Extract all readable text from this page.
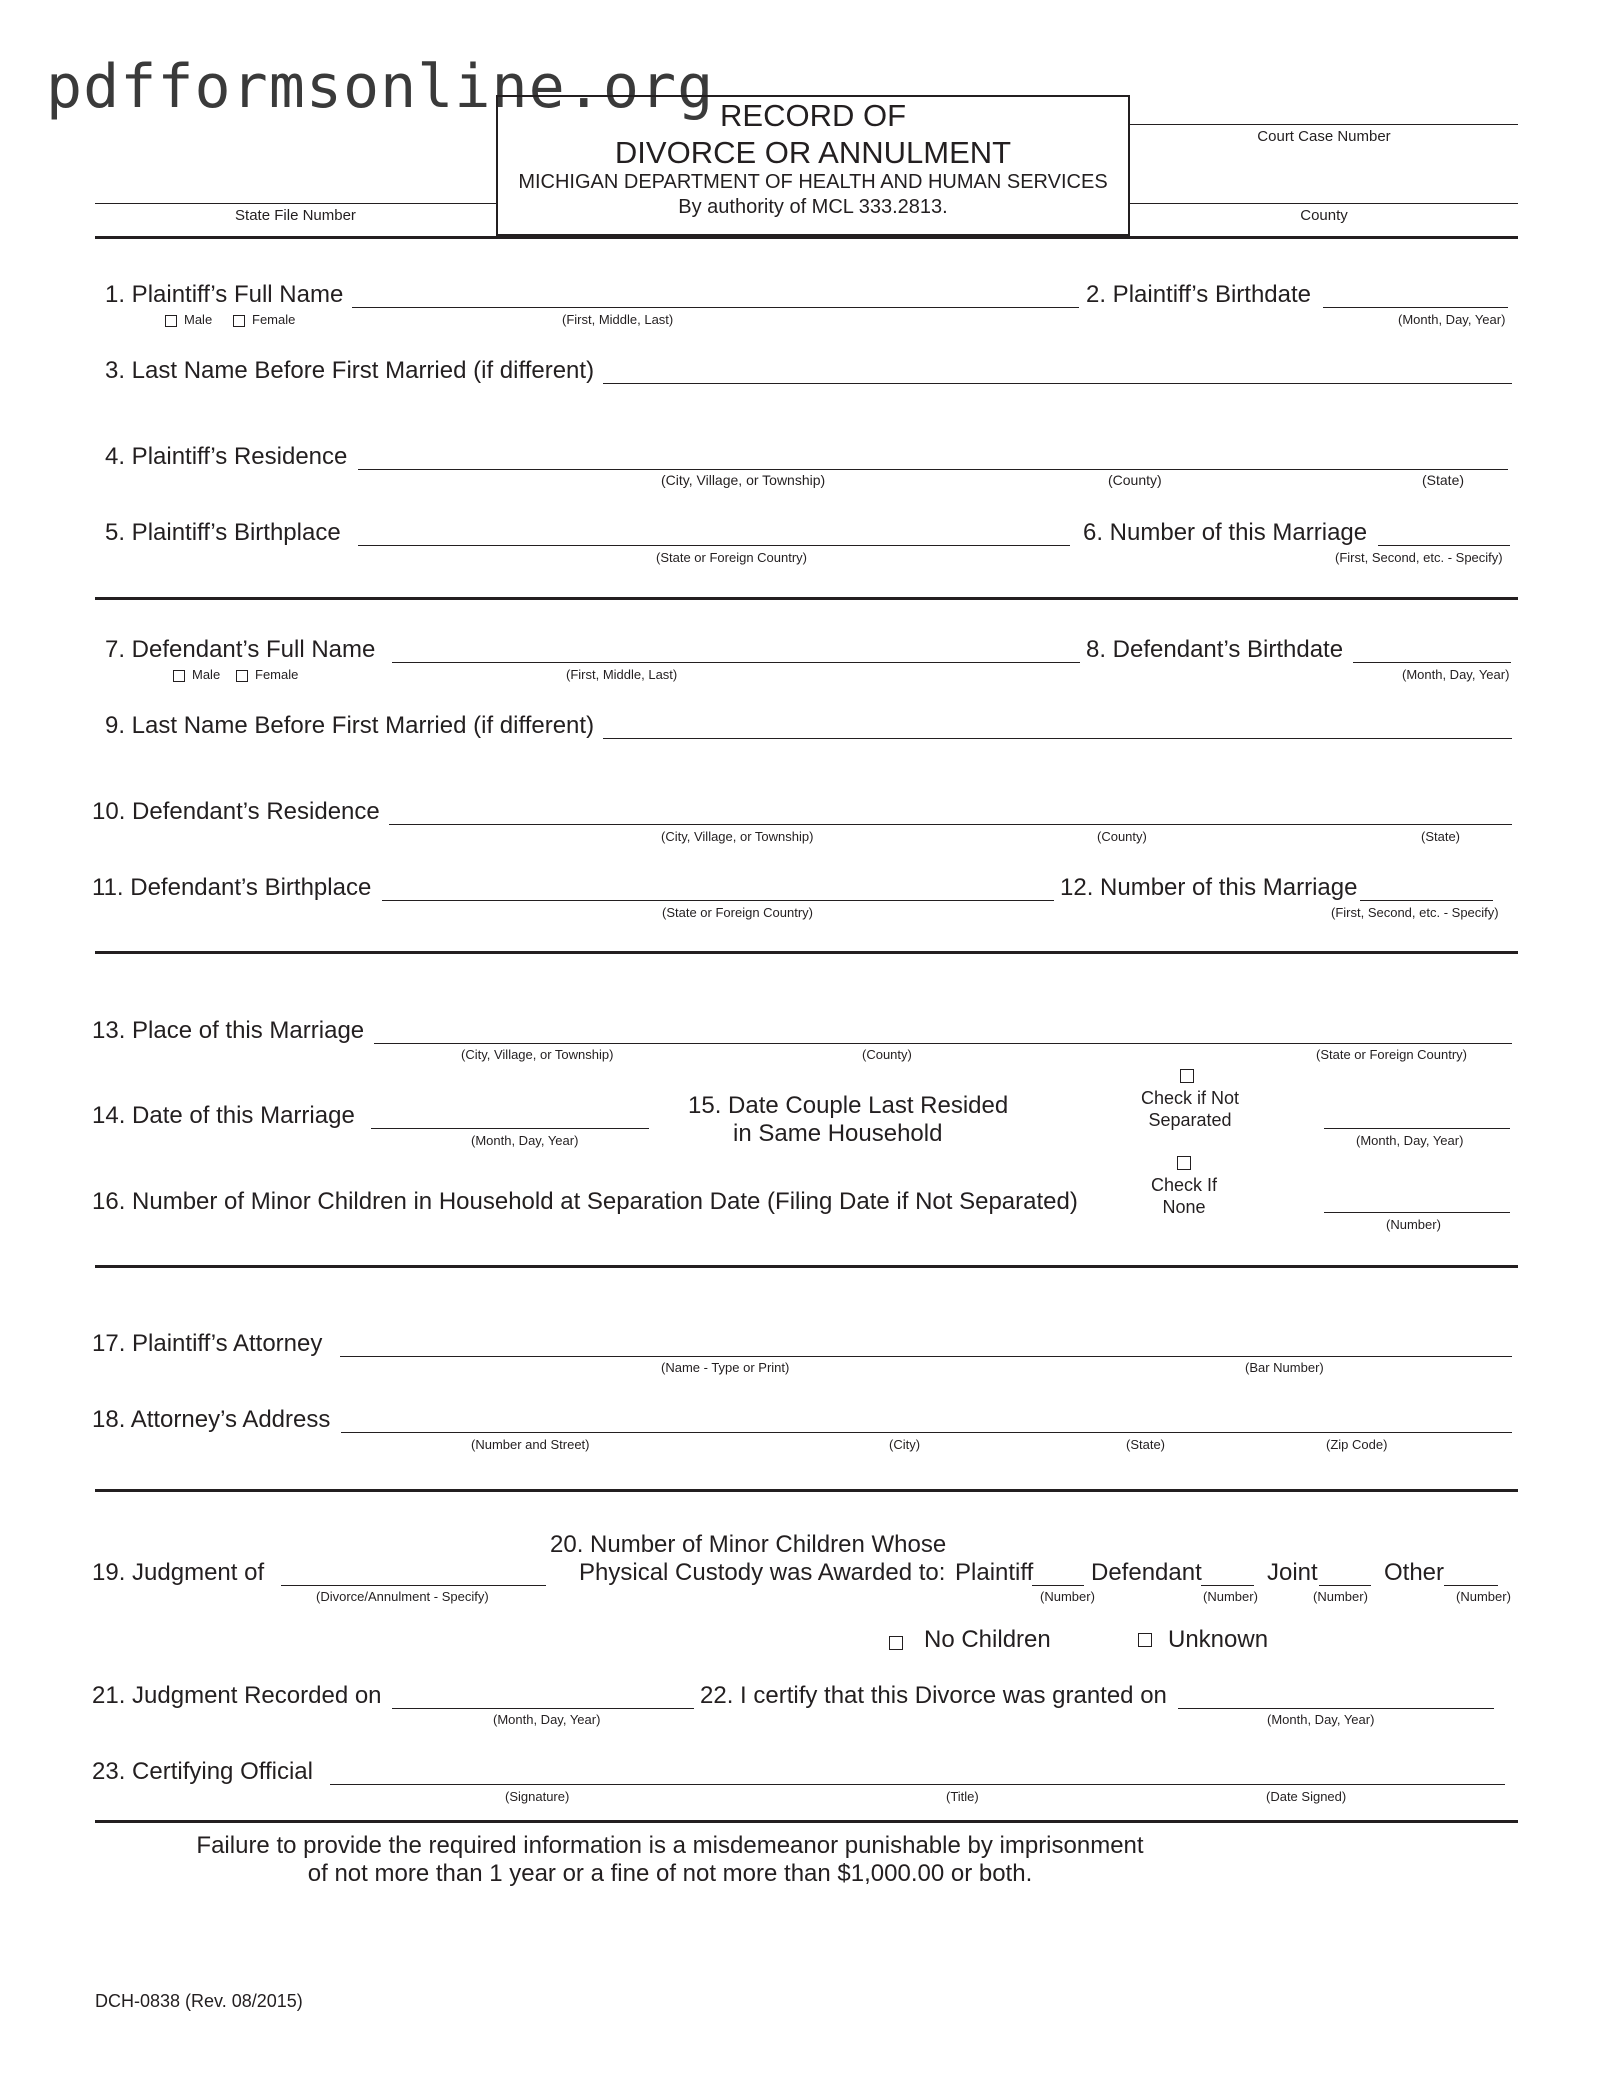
pdfformsonline.org RECORD OF
DIVORCE OR ANNULMENT
MICHIGAN DEPARTMENT OF HEALTH AND HUMAN SERVICES
By authority of MCL 333.2813.
State File Number
Court Case Number
County
1. Plaintiff’s Full Name
Male	Female	(First, Middle, Last)
2. Plaintiff’s Birthdate
(Month, Day, Year)
3. Last Name Before First Married (if different)
4. Plaintiff’s Residence
(City, Village, or Township)	(County)	(State)
5. Plaintiff’s Birthplace
(State or Foreign Country)
6. Number of this Marriage
(First, Second, etc. - Specify)
7. Defendant’s Full Name
Male	Female	(First, Middle, Last)
8. Defendant’s Birthdate
(Month, Day, Year)
9. Last Name Before First Married (if different)
10. Defendant’s Residence
(City, Village, or Township)	(County)	(State)
11. Defendant’s Birthplace
(State or Foreign Country)
12. Number of this Marriage
(First, Second, etc. - Specify)
13. Place of this Marriage
(City, Village, or Township)	(County)	(State or Foreign Country)
14. Date of this Marriage
(Month, Day, Year)
15. Date Couple Last Resided
in Same Household
Check if Not
Separated
(Month, Day, Year)
16. Number of Minor Children in Household at Separation Date (Filing Date if Not Separated)
Check If
None
(Number)
17. Plaintiff’s Attorney
(Name - Type or Print)	(Bar Number)
18. Attorney’s Address
(Number and Street)	(City)	(State)	(Zip Code)
20. Number of Minor Children Whose
19. Judgment of
(Divorce/Annulment - Specify)
Physical Custody was Awarded to: Plaintiff Defendant	Joint	Other
(Number)	(Number)	(Number)	(Number)
No Children	Unknown
21. Judgment Recorded on
(Month, Day, Year)
22. I certify that this Divorce was granted on
(Month, Day, Year)
23. Certifying Official
(Signature)	(Title)	(Date Signed)
Failure to provide the required information is a misdemeanor punishable by imprisonment
of not more than 1 year or a fine of not more than $1,000.00 or both.
DCH-0838 (Rev. 08/2015)
